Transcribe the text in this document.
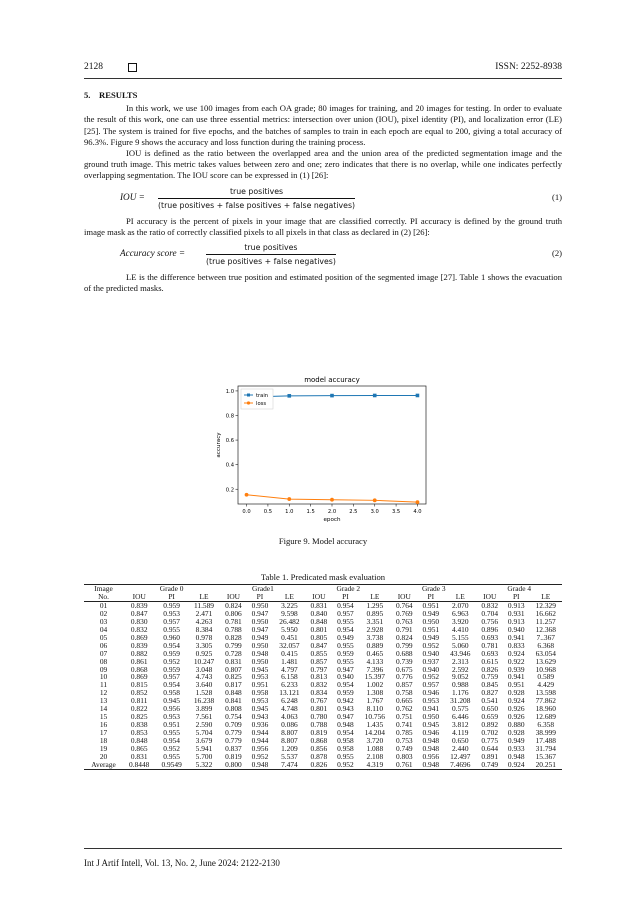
2128	ISSN: 2252-8938
5. RESULTS

In this work, we use 100 images from each OA grade; 80 images for training, and 20 images for testing. In order to evaluate the result of this work, one can use three essential metrics: intersection over union (IOU), pixel identity (PI), and localization error (LE) [25]. The system is trained for five epochs, and the batches of samples to train in each epoch are equal to 200, giving a total accuracy of 96.3%. Figure 9 shows the accuracy and loss function during the training process.

IOU is defined as the ratio between the overlapped area and the union area of the predicted segmentation image and the ground truth image. This metric takes values between zero and one; zero indicates that there is no overlap, while one indicates perfectly overlapping segmentation. The IOU score can be expressed in (1) [26]:

IOU =
true positives
(true positives + false positives + false negatives)
(1)

PI accuracy is the percent of pixels in your image that are classified correctly. PI accuracy is defined by the ground truth image mask as the ratio of correctly classified pixels to all pixels in that class as declared in (2) [26]:

Accuracy score =
true positives
(true positives + false negatives)
(2)

LE is the difference between true position and estimated position of the segmented image [27]. Table 1 shows the evacuation of the predicted masks.

model accuracy
0.0	0.5	1.0	1.5	2.0	2.5	3.0	3.5	4.0
0.2
0.4
0.6
0.8
1.0
epoch
accuracy
train
loss
Figure 9. Model accuracy
Table 1. Predicated mask evaluation
Image	Grade 0			Grade1			Grade 2			Grade 3			Grade 4		
No.	IOU	PI	LE	IOU	PI	LE	IOU	PI	LE	IOU	PI	LE	IOU	PI	LE
01	0.839	0.959	11.589	0.824	0.950	3.225	0.831	0.954	1.295	0.764	0.951	2.070	0.832	0.913	12.329
02	0.847	0.953	2.471	0.806	0.947	9.598	0.840	0.957	0.895	0.769	0.949	6.963	0.704	0.931	16.662
03	0.830	0.957	4.263	0.781	0.950	26.482	0.848	0.955	3.351	0.763	0.950	3.920	0.756	0.913	11.257
04	0.832	0.955	8.384	0.788	0.947	5.950	0.801	0.954	2.928	0.791	0.951	4.410	0.896	0.940	12.368
05	0.869	0.960	0.978	0.828	0.949	0.451	0.805	0.949	3.738	0.824	0.949	5.155	0.693	0.941	7..367
06	0.839	0.954	3.305	0.799	0.950	32.057	0.847	0.955	0.889	0.799	0.952	5.060	0.781	0.833	6.368
07	0.882	0.959	0.925	0.728	0.948	0.415	0.855	0.959	0.465	0.688	0.940	43.946	0.693	0.924	63.054
08	0.861	0.952	10.247	0.831	0.950	1.481	0.857	0.955	4.133	0.739	0.937	2.313	0.615	0.922	13.629
09	0.868	0.959	3.048	0.807	0.945	4.797	0.797	0.947	7.396	0.675	0.940	2.592	0.826	0.939	10.968
10	0.869	0.957	4.743	0.825	0.953	6.158	0.813	0.940	15.397	0.776	0.952	9.052	0.759	0.941	0.589
11	0.815	0.954	3.640	0.817	0.951	6.233	0.832	0.954	1.002	0.857	0.957	0.988	0.845	0.951	4.429
12	0.852	0.958	1.528	0.848	0.958	13.121	0.834	0.959	1.308	0.758	0.946	1.176	0.827	0.928	13.598
13	0.811	0.945	16.238	0.841	0.953	6.248	0.767	0.942	1.767	0.665	0.953	31.208	0.541	0.924	77.862
14	0.822	0.956	3.899	0.808	0.945	4.748	0.801	0.943	8.110	0.762	0.941	0.575	0.650	0.926	18.960
15	0.825	0.953	7.561	0.754	0.943	4.063	0.780	0.947	10.756	0.751	0.950	6.446	0.659	0.926	12.689
16	0.838	0.951	2.590	0.709	0.936	0.086	0.788	0.948	1.435	0.741	0.945	3.812	0.892	0.880	6.358
17	0.853	0.955	5.704	0.779	0.944	8.807	0.819	0.954	14.204	0.785	0.946	4.119	0.702	0.928	38.999
18	0.848	0.954	3.679	0.779	0.944	8.807	0.868	0.958	3.720	0.753	0.948	0.650	0.775	0.949	17.488
19	0.865	0.952	5.941	0.837	0.956	1.209	0.856	0.958	1.088	0.749	0.948	2.440	0.644	0.933	31.794
20	0.831	0.955	5.700	0.819	0.952	5.537	0.878	0.955	2.108	0.803	0.956	12.497	0.891	0.948	15.367
Average	0.8448	0.9549	5.322	0.800	0.948	7.474	0.826	0.952	4.319	0.761	0.948	7.4696	0.749	0.924	20.251
Int J Artif Intell, Vol. 13, No. 2, June 2024: 2122-2130
